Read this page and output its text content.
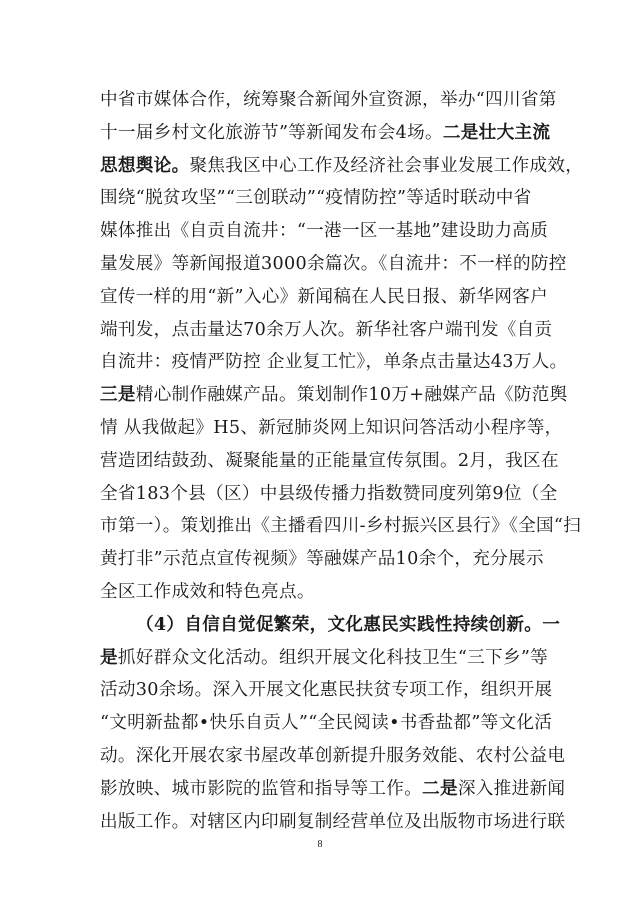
中省市媒体合作，统筹聚合新闻外宣资源，举办“四川省第
十一届乡村文化旅游节”等新闻发布会4场。二是壮大主流
思想舆论。聚焦我区中心工作及经济社会事业发展工作成效，
围绕“脱贫攻坚”“三创联动”“疫情防控”等适时联动中省
媒体推出《自贡自流井：“一港一区一基地”建设助力高质
量发展》等新闻报道3000余篇次。《自流井：不一样的防控
宣传一样的用“新”入心》新闻稿在人民日报、新华网客户
端刊发，点击量达70余万人次。新华社客户端刊发《自贡
自流井：疫情严防控 企业复工忙》，单条点击量达43万人。
三是精心制作融媒产品。策划制作10万+融媒产品《防范舆
情 从我做起》H5、新冠肺炎网上知识问答活动小程序等，
营造团结鼓劲、凝聚能量的正能量宣传氛围。2月，我区在
全省183个县（区）中县级传播力指数赞同度列第9位（全
市第一）。策划推出《主播看四川-乡村振兴区县行》《全国“扫
黄打非”示范点宣传视频》等融媒产品10余个，充分展示
全区工作成效和特色亮点。
（4）自信自觉促繁荣，文化惠民实践性持续创新。一
是抓好群众文化活动。组织开展文化科技卫生“三下乡”等
活动30余场。深入开展文化惠民扶贫专项工作，组织开展
“文明新盐都•快乐自贡人”“全民阅读•书香盐都”等文化活
动。深化开展农家书屋改革创新提升服务效能、农村公益电
影放映、城市影院的监管和指导等工作。二是深入推进新闻
出版工作。对辖区内印刷复制经营单位及出版物市场进行联
8
